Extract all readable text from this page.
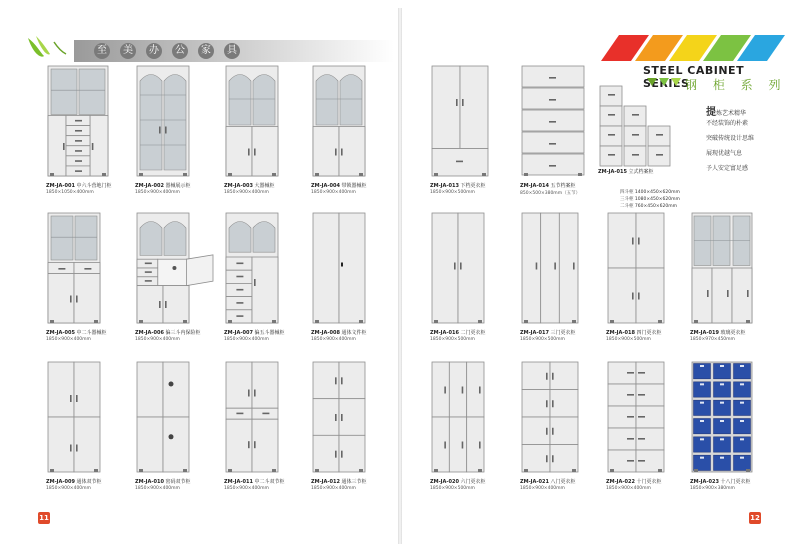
至	美	办	公	家	具
11
STEEL CABINET SERIES
钢 柜 系 列
12
提炼艺术精华
不经装饰的朴素
突破传统设计思维
展现优越气息
予人安定富足感
四斗柜 1400×450×620mm
三斗柜 1080×450×620mm
二斗柜 760×450×620mm
ZM-JA-001 中六斗营地门柜
1850×1050×400mm
ZM-JA-002 器械展示柜
1850×900×400mm
ZM-JA-003 大器械柜
1850×900×400mm
ZM-JA-004 带锁器械柜
1850×900×400mm
ZM-JA-005 中二斗器械柜
1850×900×400mm
ZM-JA-006 偏三斗内保险柜
1850×900×400mm
ZM-JA-007 偏五斗器械柜
1850×900×400mm
ZM-JA-008 通体文件柜
1850×900×400mm
ZM-JA-009 通体双节柜
1850×900×400mm
ZM-JA-010 密码双节柜
1850×900×400mm
ZM-JA-011 中二斗双节柜
1850×900×400mm
ZM-JA-012 通体三节柜
1850×900×400mm
ZM-JA-013 下档更衣柜
1850×900×500mm
ZM-JA-014 五节档案柜
850×500×380mm（五节）
ZM-JA-015 立式档案柜
ZM-JA-016 二门更衣柜
1850×900×500mm
ZM-JA-017 三门更衣柜
1850×900×500mm
ZM-JA-018 四门更衣柜
1850×900×500mm
ZM-JA-019 玻璃更衣柜
1850×970×450mm
ZM-JA-020 六门更衣柜
1850×900×500mm
ZM-JA-021 八门更衣柜
1850×900×400mm
ZM-JA-022 十门更衣柜
1850×900×400mm
ZM-JA-023 十八门更衣柜
1850×900×380mm
